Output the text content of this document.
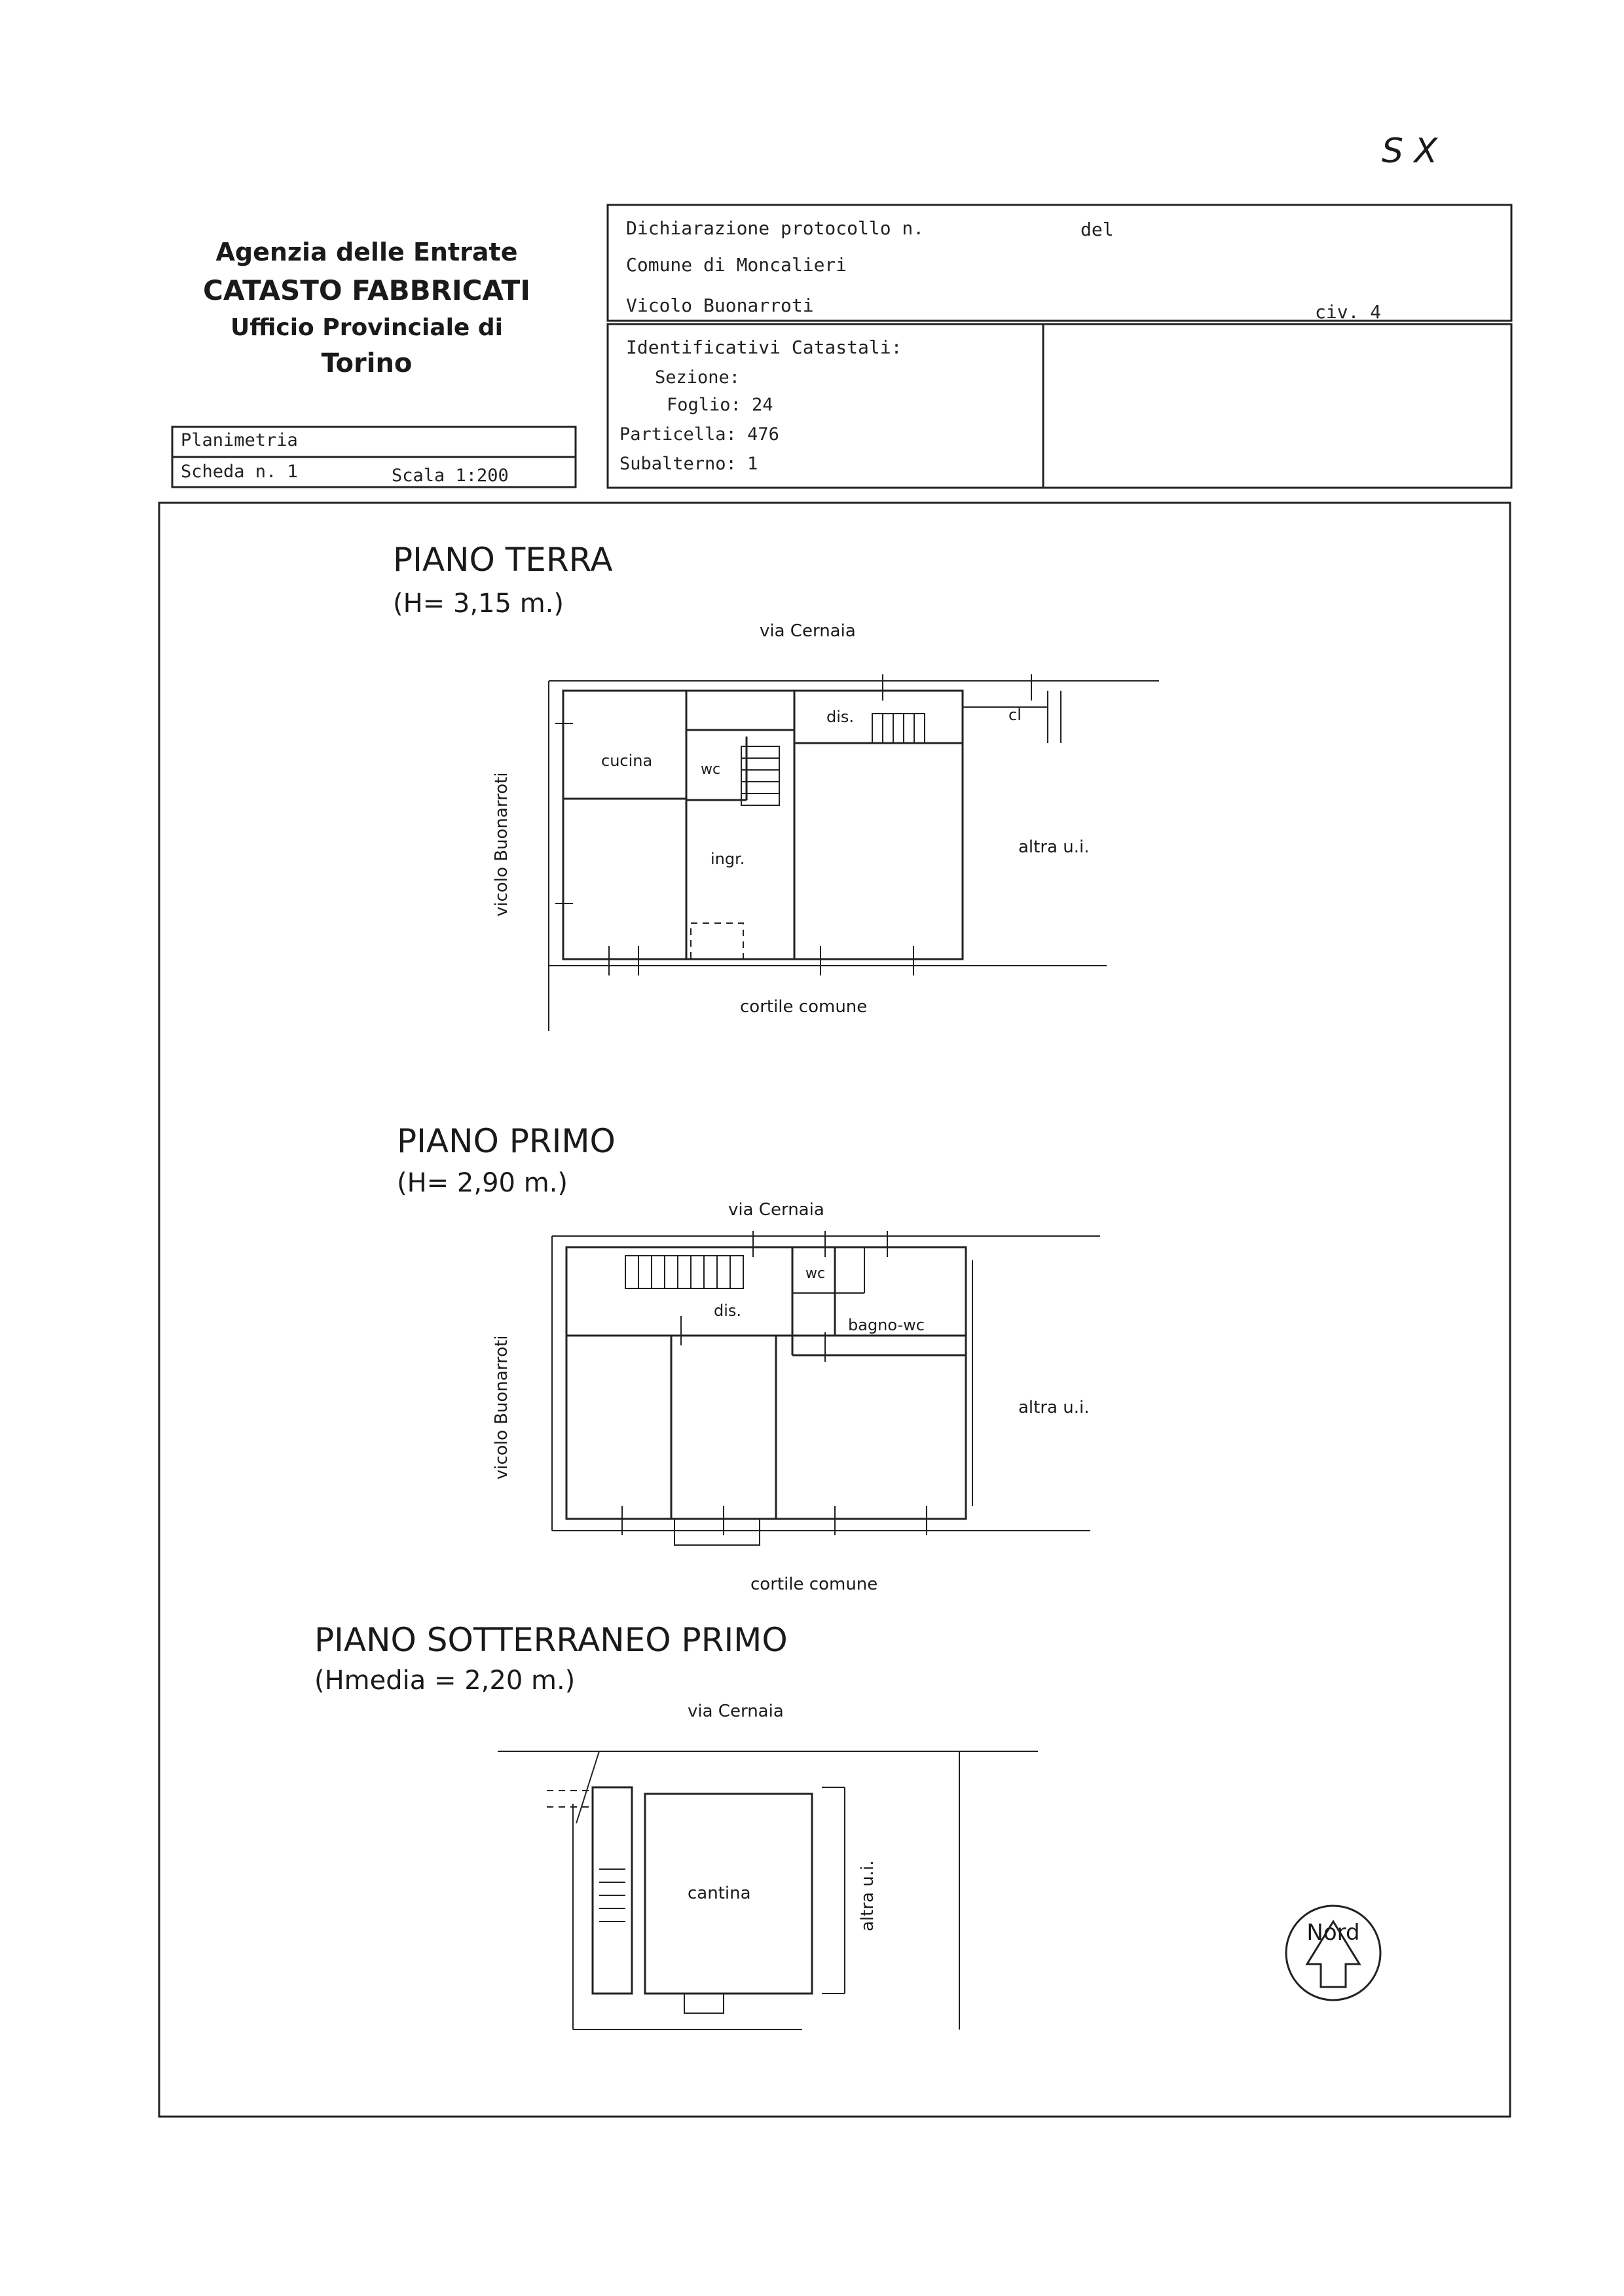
S X
Agenzia delle Entrate
CATASTO FABBRICATI
Ufficio Provinciale di
Torino
Dichiarazione protocollo n.	del
Comune di Moncalieri
Vicolo Buonarroti	civ. 4
Identificativi Catastali:
Sezione:
Foglio: 24
Particella: 476
Subalterno: 1
Planimetria
Scheda n. 1	Scala 1:200
PIANO TERRA
(H= 3,15 m.)
via Cernaia
cortile comune
vicolo Buonarroti	altra u.i.
cucina	wc
dis.	cl
ingr.
PIANO PRIMO
(H= 2,90 m.)
via Cernaia
cortile comune
vicolo Buonarroti	altra u.i.
wc
dis.
bagno-wc
PIANO SOTTERRANEO PRIMO
(Hmedia = 2,20 m.)
via Cernaia
altra u.i.
cantina
Nord
